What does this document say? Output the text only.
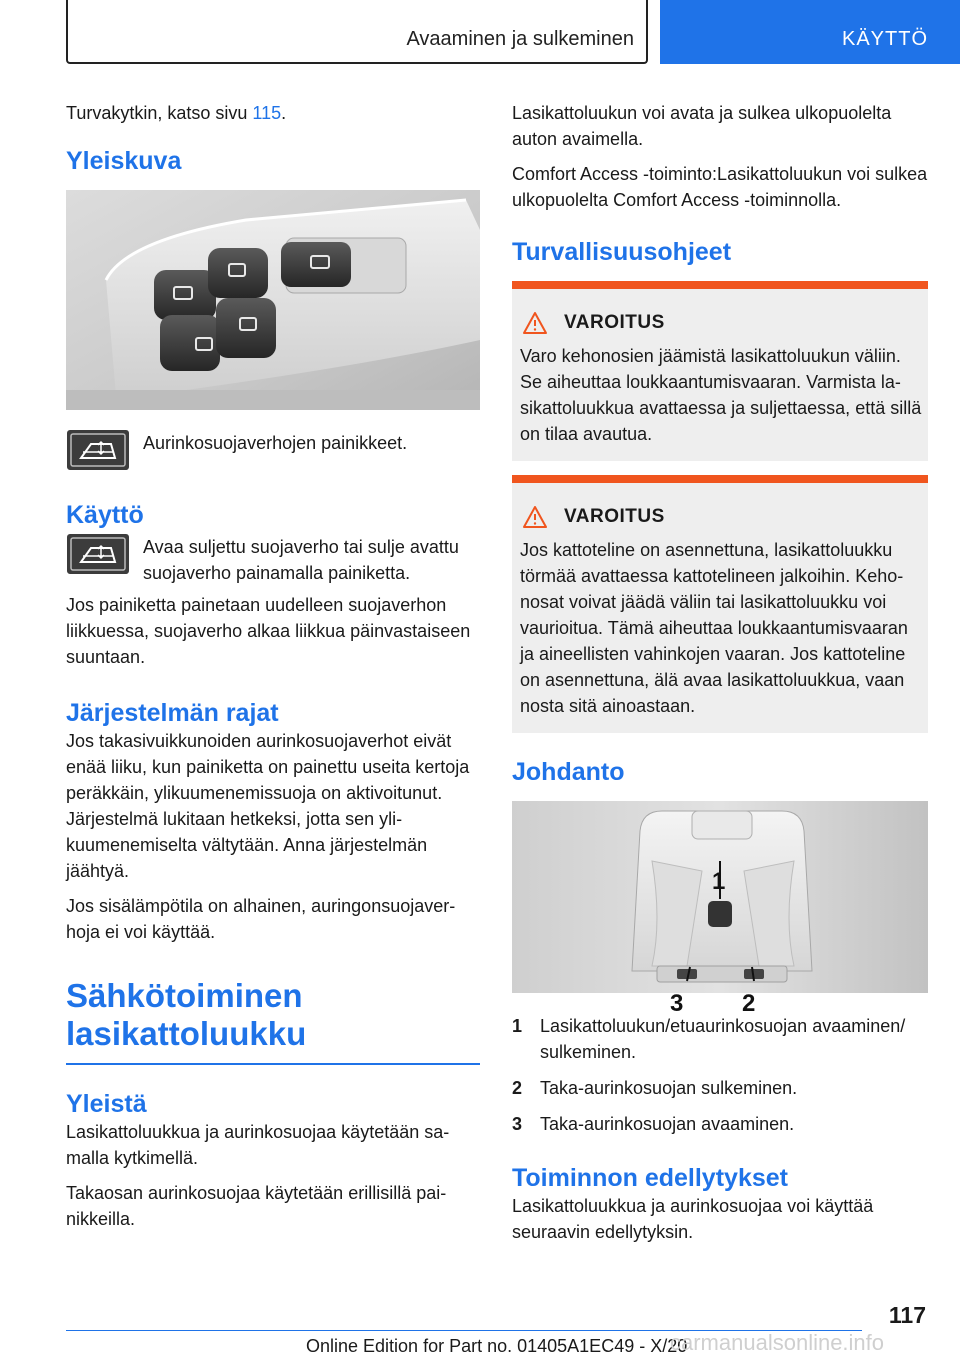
Avaaminen ja sulkeminen	KÄYTTÖ

Turvakytkin, katso sivu 115.

Yleiskuva
Aurinkosuojaverhojen painikkeet.
Käyttö
Avaa suljettu suojaverho tai sulje avattu suojaverho painamalla painiketta.

Jos painiketta painetaan uudelleen suojaverhon liikkuessa, suojaverho alkaa liikkua päinvastaiseen suuntaan.

Järjestelmän rajat

Jos takasivuikkunoiden aurinkosuojaverhot eivät enää liiku, kun painiketta on painettu useita kertoja peräkkäin, ylikuumenemissuoja on aktivoitunut. Järjestelmä lukitaan hetkeksi, jotta sen ylikuumenemiselta vältytään. Anna järjestelmän jäähtyä.

Jos sisälämpötila on alhainen, auringonsuojaverhoja ei voi käyttää.

Sähkötoiminen
lasikattoluukku
Yleistä

Lasikattoluukkua ja aurinkosuojaa käytetään samalla kytkimellä.

Takaosan aurinkosuojaa käytetään erillisillä painikkeilla.

Lasikattoluukun voi avata ja sulkea ulkopuolelta auton avaimella.

Comfort Access -toiminto:Lasikattoluukun voi sulkea ulkopuolelta Comfort Access -toiminnolla.

Turvallisuusohjeet
VAROITUS
Varo kehonosien jäämistä lasikattoluukun väliin. Se aiheuttaa loukkaantumisvaaran. Varmista lasikattoluukkua avattaessa ja suljettaessa, että sillä on tilaa avautua.
VAROITUS
Jos kattoteline on asennettuna, lasikattoluukku törmää avattaessa kattotelineen jalkoihin. Kehonosat voivat jäädä väliin tai lasikattoluukku voi vaurioitua. Tämä aiheuttaa loukkaantumisvaaran ja aineellisten vahinkojen vaaran. Jos kattoteline on asennettuna, älä avaa lasikattoluukkua, vaan nosta sitä ainoastaan.
Johdanto
1
3 2
1 Lasikattoluukun/etuaurinkosuojan avaaminen/ sulkeminen.
2 Taka-aurinkosuojan sulkeminen.
3 Taka-aurinkosuojan avaaminen.
Toiminnon edellytykset

Lasikattoluukkua ja aurinkosuojaa voi käyttää seuraavin edellytyksin.

117
Online Edition for Part no. 01405A1EC49 - X/20
carmanualsonline.info
